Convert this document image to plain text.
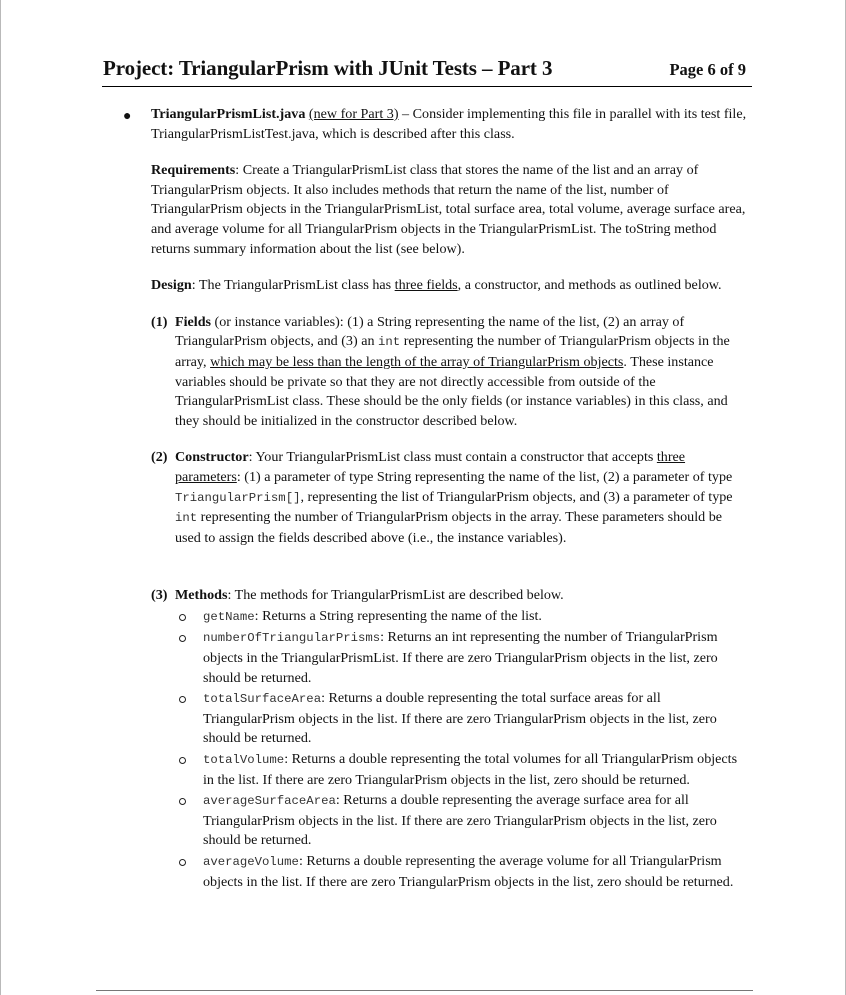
Project: TriangularPrism with JUnit Tests – Part 3	Page 6 of 9

● TriangularPrismList.java (new for Part 3) – Consider implementing this file in parallel with its test file, TriangularPrismListTest.java, which is described after this class.

Requirements: Create a TriangularPrismList class that stores the name of the list and an array of TriangularPrism objects. It also includes methods that return the name of the list, number of TriangularPrism objects in the TriangularPrismList, total surface area, total volume, average surface area, and average volume for all TriangularPrism objects in the TriangularPrismList. The toString method returns summary information about the list (see below).

Design: The TriangularPrismList class has three fields, a constructor, and methods as outlined below.

(1) Fields (or instance variables): (1) a String representing the name of the list, (2) an array of TriangularPrism objects, and (3) an int representing the number of TriangularPrism objects in the array, which may be less than the length of the array of TriangularPrism objects. These instance variables should be private so that they are not directly accessible from outside of the TriangularPrismList class. These should be the only fields (or instance variables) in this class, and they should be initialized in the constructor described below.

(2) Constructor: Your TriangularPrismList class must contain a constructor that accepts three parameters: (1) a parameter of type String representing the name of the list, (2) a parameter of type TriangularPrism[], representing the list of TriangularPrism objects, and (3) a parameter of type int representing the number of TriangularPrism objects in the array. These parameters should be used to assign the fields described above (i.e., the instance variables).

(3) Methods: The methods for TriangularPrismList are described below.

getName: Returns a String representing the name of the list.
numberOfTriangularPrisms: Returns an int representing the number of TriangularPrism objects in the TriangularPrismList. If there are zero TriangularPrism objects in the list, zero should be returned.
totalSurfaceArea: Returns a double representing the total surface areas for all TriangularPrism objects in the list. If there are zero TriangularPrism objects in the list, zero should be returned.
totalVolume: Returns a double representing the total volumes for all TriangularPrism objects in the list. If there are zero TriangularPrism objects in the list, zero should be returned.
averageSurfaceArea: Returns a double representing the average surface area for all TriangularPrism objects in the list. If there are zero TriangularPrism objects in the list, zero should be returned.
averageVolume: Returns a double representing the average volume for all TriangularPrism objects in the list. If there are zero TriangularPrism objects in the list, zero should be returned.
